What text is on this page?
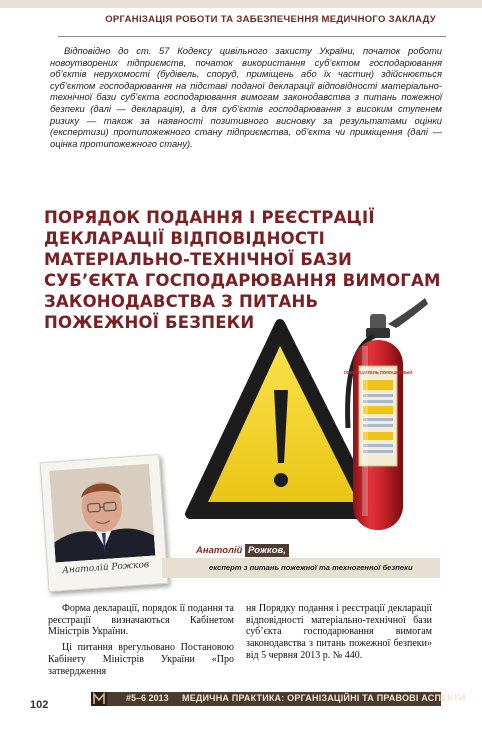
ОРГАНІЗАЦІЯ РОБОТИ ТА ЗАБЕЗПЕЧЕННЯ МЕДИЧНОГО ЗАКЛАДУ

Відповідно до ст. 57 Кодексу цивільного захисту України, початок роботи новоутворених підприємств, початок використання суб’єктом господарювання об’єктів нерухомості (будівель, споруд, приміщень або їх частин) здійснюється суб’єктом господарювання на підставі поданої декларації відповідності матеріально-технічної бази суб’єкта господарювання вимогам законодавства з питань пожежної безпеки (далі — декларація), а для суб’єктів господарювання з високим ступенем ризику — також за наявності позитивного висновку за результатами оцінки (експертизи) протипожежного стану підприємства, об’єкта чи приміщення (далі — оцінка протипожежного стану).

ПОРЯДОК ПОДАННЯ І РЕЄСТРАЦІЇ
ДЕКЛАРАЦІЇ ВІДПОВІДНОСТІ
МАТЕРІАЛЬНО-ТЕХНІЧНОЇ БАЗИ
СУБ’ЄКТА ГОСПОДАРЮВАННЯ ВИМОГАМ
ЗАКОНОДАВСТВА З ПИТАНЬ
ПОЖЕЖНОЇ БЕЗПЕКИ
ОГНЕТУШИТЕЛЬ ПОРОШКОВЫЙ
Анатолій Рожков
Анатолій Рожков,
експерт з питань пожежної та техногенної безпеки

Форма декларації, порядок її подання та реєстрації визначаються Кабінетом Міністрів України.

Ці питання врегульовано Постановою Кабінету Міністрів України «Про затвердження

ня Порядку подання і реєстрації декларації відповідності матеріально-технічної бази суб’єкта господарювання вимогам законодавства з питань пожежної безпеки» від 5 червня 2013 р. № 440.

102
#5–6 2013 МЕДИЧНА ПРАКТИКА: ОРГАНІЗАЦІЙНІ ТА ПРАВОВІ АСПЕКТИ
